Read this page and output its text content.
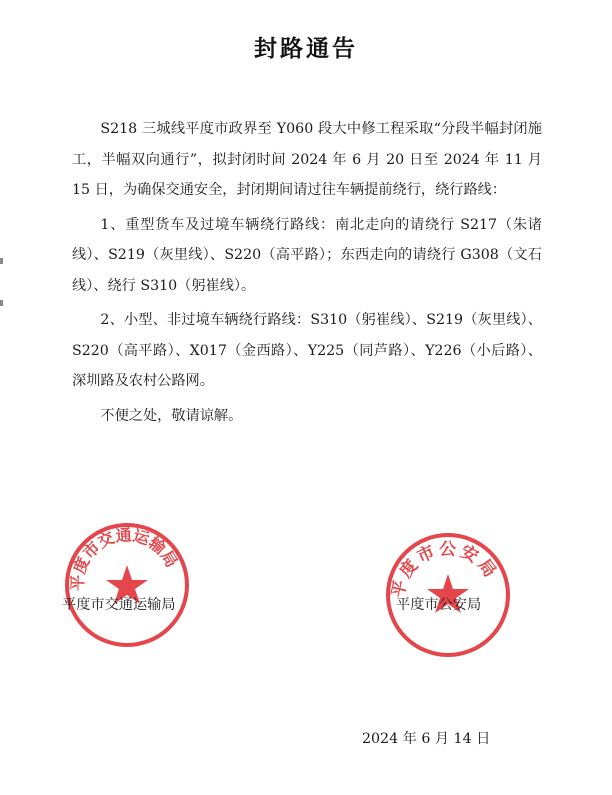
封路通告

S218 三城线平度市政界至 Y060 段大中修工程采取“分段半幅封闭施工，半幅双向通行”，拟封闭时间 2024 年 6 月 20 日至 2024 年 11 月 15 日，为确保交通安全，封闭期间请过往车辆提前绕行，绕行路线：

1、重型货车及过境车辆绕行路线：南北走向的请绕行 S217（朱诸线）、S219（灰里线）、S220（高平路）；东西走向的请绕行 G308（文石线）、绕行 S310（躬崔线）。

2、小型、非过境车辆绕行路线：S310（躬崔线）、S219（灰里线）、S220（高平路）、X017（金西路）、Y225（同芦路）、Y226（小后路）、深圳路及农村公路网。

不便之处，敬请谅解。

平度市交通运输局
平度市交通运输局
平度市公安局
平度市公安局
2024 年 6 月 14 日
